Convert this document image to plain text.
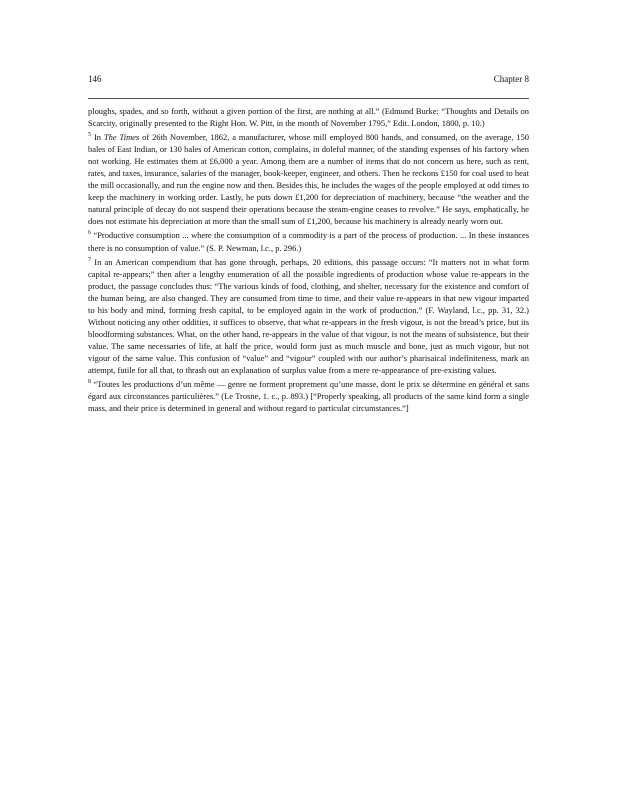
146	Chapter 8

ploughs, spades, and so forth, without a given portion of the first, are nothing at all.” (Edmund Burke: “Thoughts and Details on Scarcity, originally presented to the Right Hon. W. Pitt, in the month of November 1795,” Edit. London, 1800, p. 10.)

$^5$ In The Times of 26th November, 1862, a manufacturer, whose mill employed 800 hands, and consumed, on the average, 150 bales of East Indian, or 130 bales of American cotton, complains, in doleful manner, of the standing expenses of his factory when not working. He estimates them at £6,000 a year. Among them are a number of items that do not concern us here, such as rent, rates, and taxes, insurance, salaries of the manager, book-keeper, engineer, and others. Then he reckons £150 for coal used to heat the mill occasionally, and run the engine now and then. Besides this, he includes the wages of the people employed at odd times to keep the machinery in working order. Lastly, he puts down £1,200 for depreciation of machinery, because “the weather and the natural principle of decay do not suspend their operations because the steam-engine ceases to revolve.” He says, emphatically, he does not estimate his depreciation at more than the small sum of £1,200, because his machinery is already nearly worn out.

$^6$ “Productive consumption ... where the consumption of a commodity is a part of the process of production. ... In these instances there is no consumption of value.” (S. P. Newman, l.c., p. 296.)

$^7$ In an American compendium that has gone through, perhaps, 20 editions, this passage occurs: “It matters not in what form capital re-appears;” then after a lengthy enumeration of all the possible ingredients of production whose value re-appears in the product, the passage concludes thus: “The various kinds of food, clothing, and shelter, necessary for the existence and comfort of the human being, are also changed. They are consumed from time to time, and their value re-appears in that new vigour imparted to his body and mind, forming fresh capital, to be employed again in the work of production.” (F. Wayland, l.c., pp. 31, 32.) Without noticing any other oddities, it suffices to observe, that what re-appears in the fresh vigour, is not the bread’s price, but its bloodforming substances. What, on the other hand, re-appears in the value of that vigour, is not the means of subsistence, but their value. The same necessaries of life, at half the price, would form just as much muscle and bone, just as much vigour, but not vigour of the same value. This confusion of “value” and “vigour” coupled with our author’s pharisaical indefiniteness, mark an attempt, futile for all that, to thrash out an explanation of surplus value from a mere re-appearance of pre-existing values.

$^8$ “Toutes les productions d’un même — genre ne forment proprement qu’une masse, dont le prix se détermine en général et sans égard aux circonstances particulières.” (Le Trosne, 1. c., p. 893.) [“Properly speaking, all products of the same kind form a single mass, and their price is determined in general and without regard to particular circumstances.”]
